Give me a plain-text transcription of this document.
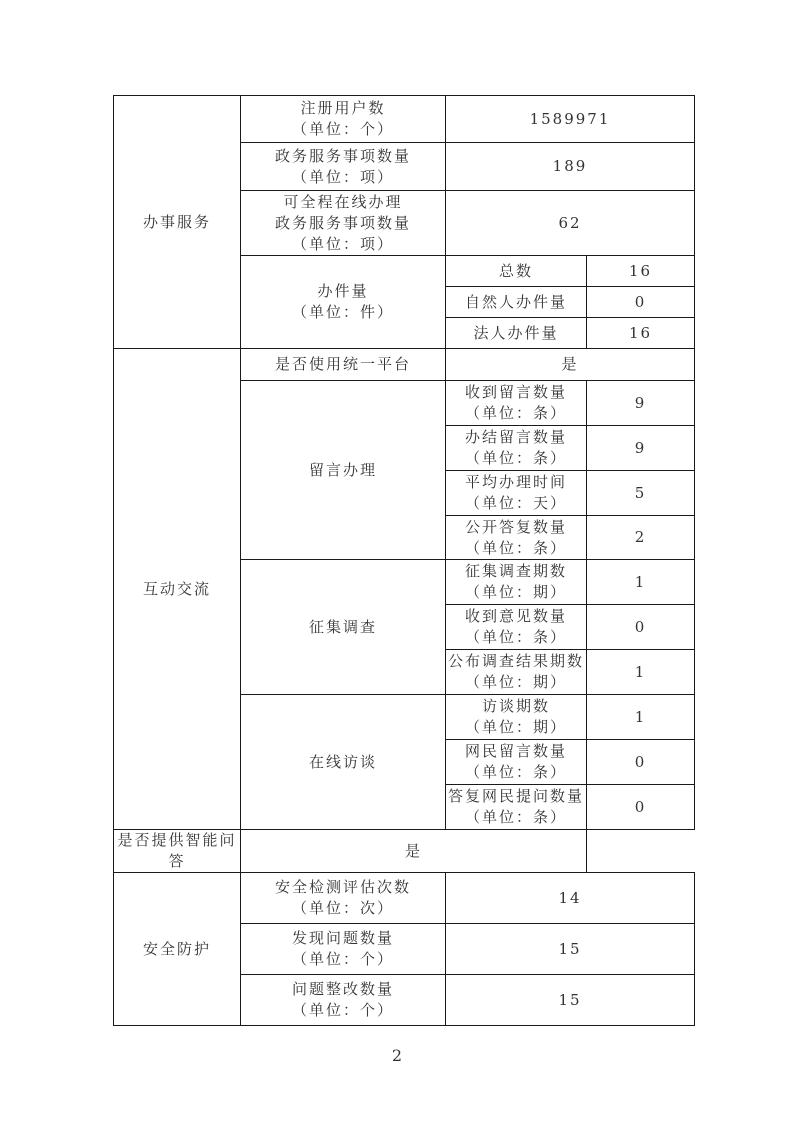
办事服务	注册用户数
（单位：个）	1589971	

	政务服务事项数量
（单位：项）	189	

	可全程在线办理
政务服务事项数量
（单位：项）	62	

	办件量
（单位：件）	总数	16
		自然人办件量	0
		法人办件量	16

互动交流	是否使用统一平台	是	
	留言办理	收到留言数量
（单位：条）	9

		办结留言数量
（单位：条）	9

		平均办理时间
（单位：天）	5

		公开答复数量
（单位：条）	2
	征集调查	征集调查期数
（单位：期）	1

		收到意见数量
（单位：条）	0

		公布调查结果期数
（单位：期）	1
	在线访谈	访谈期数
（单位：期）	1

		网民留言数量
（单位：条）	0

		答复网民提问数量
（单位：条）	0
是否提供智能问答	是		

安全防护	安全检测评估次数
（单位：次）	14	

	发现问题数量
（单位：个）	15	

	问题整改数量
（单位：个）	15	
2
